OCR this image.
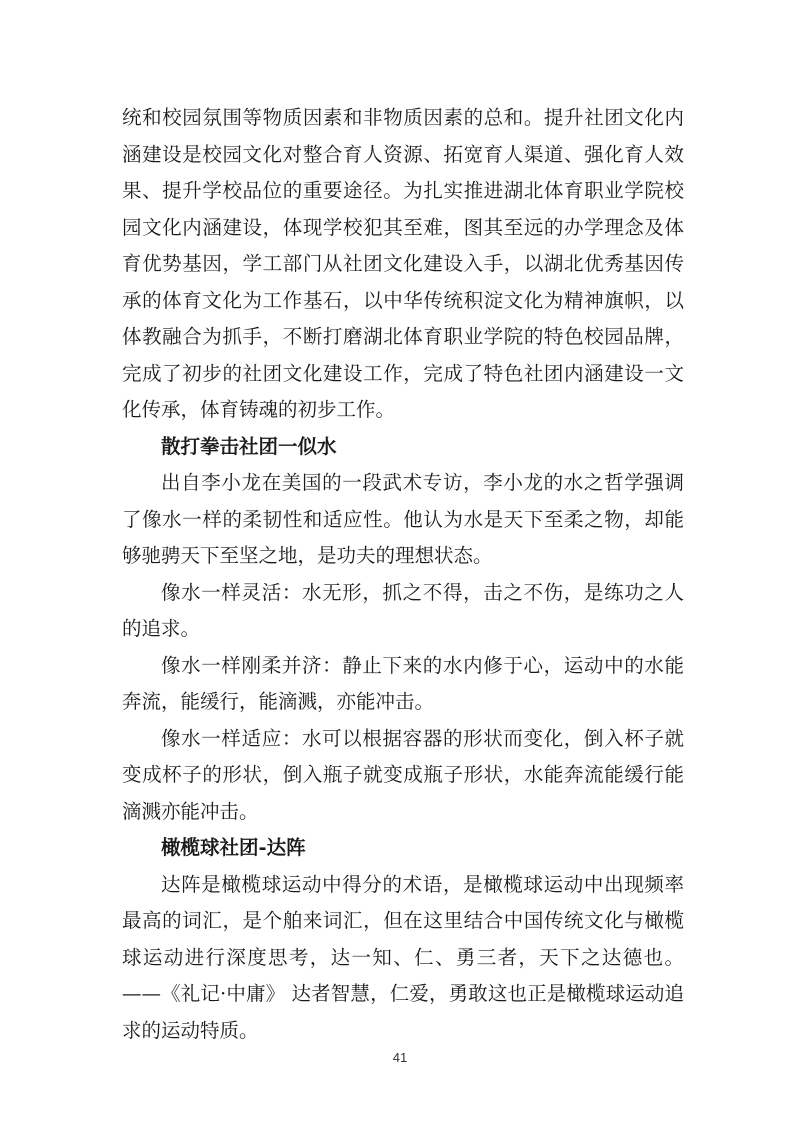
统和校园氛围等物质因素和非物质因素的总和。提升社团文化内涵建设是校园文化对整合育人资源、拓宽育人渠道、强化育人效果、提升学校品位的重要途径。为扎实推进湖北体育职业学院校园文化内涵建设，体现学校犯其至难，图其至远的办学理念及体育优势基因，学工部门从社团文化建设入手，以湖北优秀基因传承的体育文化为工作基石，以中华传统积淀文化为精神旗帜，以体教融合为抓手，不断打磨湖北体育职业学院的特色校园品牌，完成了初步的社团文化建设工作，完成了特色社团内涵建设一文化传承，体育铸魂的初步工作。

散打拳击社团一似水

出自李小龙在美国的一段武术专访，李小龙的水之哲学强调了像水一样的柔韧性和适应性。他认为水是天下至柔之物，却能够驰骋天下至坚之地，是功夫的理想状态。

像水一样灵活：水无形，抓之不得，击之不伤，是练功之人的追求。

像水一样刚柔并济：静止下来的水内修于心，运动中的水能奔流，能缓行，能滴溅，亦能冲击。

像水一样适应：水可以根据容器的形状而变化，倒入杯子就变成杯子的形状，倒入瓶子就变成瓶子形状，水能奔流能缓行能滴溅亦能冲击。

橄榄球社团-达阵

达阵是橄榄球运动中得分的术语，是橄榄球运动中出现频率最高的词汇，是个舶来词汇，但在这里结合中国传统文化与橄榄球运动进行深度思考，达一知、仁、勇三者，天下之达德也。——《礼记·中庸》 达者智慧，仁爱，勇敢这也正是橄榄球运动追求的运动特质。

41
